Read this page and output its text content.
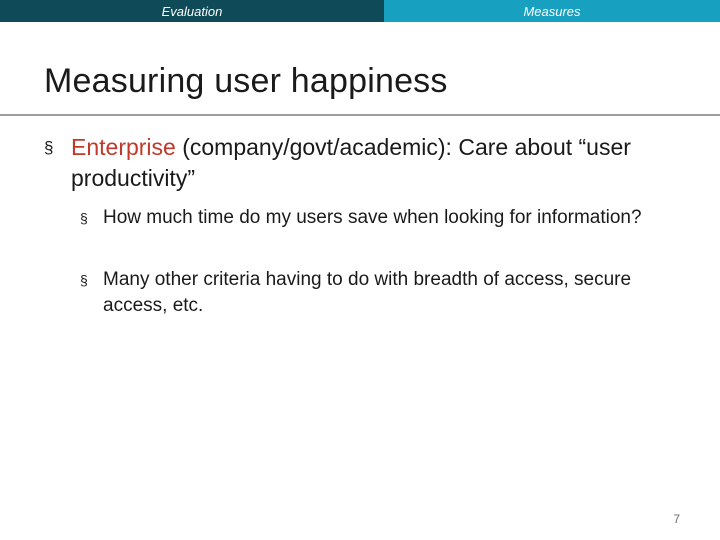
Evaluation	Measures
Measuring user happiness
§ Enterprise (company/govt/academic): Care about “user productivity”
§ How much time do my users save when looking for information?
§ Many other criteria having to do with breadth of access, secure access, etc.
7
